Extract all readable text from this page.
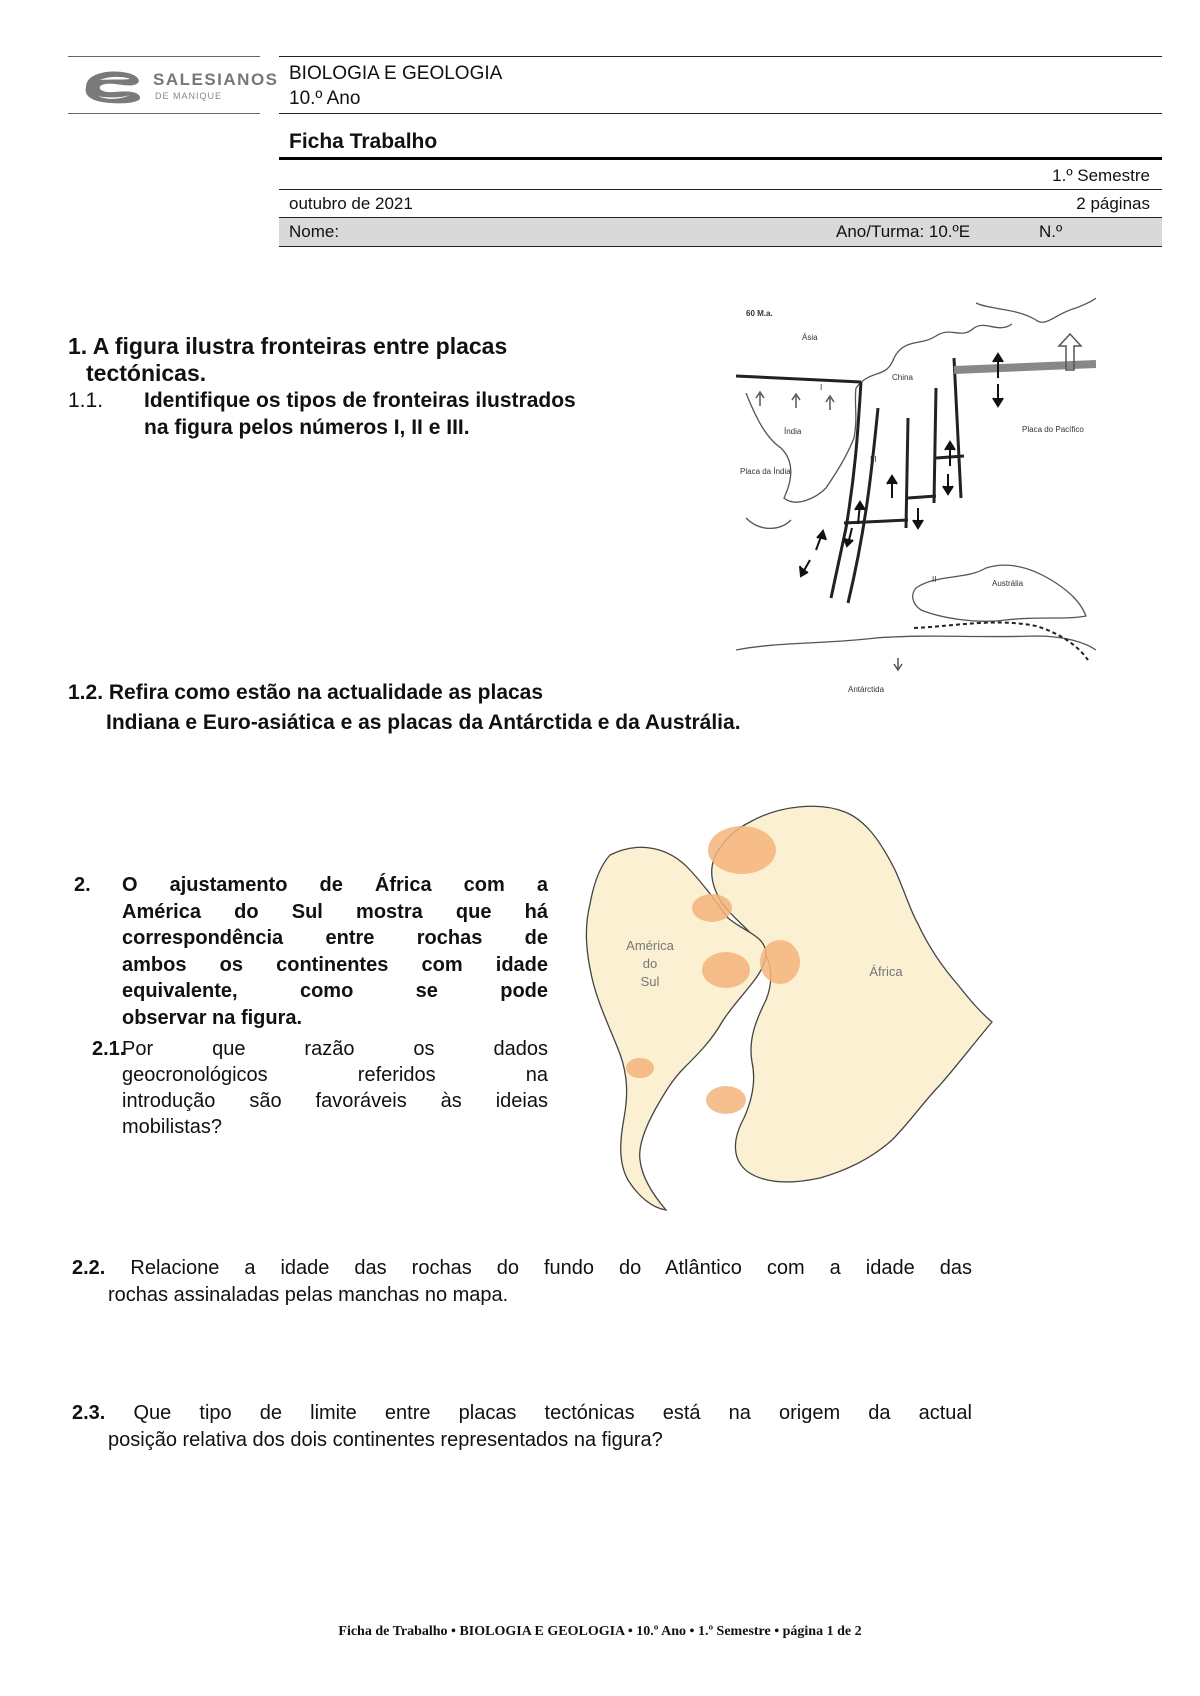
SALESIANOS
DE MANIQUE
BIOLOGIA E GEOLOGIA
10.º Ano
Ficha Trabalho
1.º Semestre
outubro de 2021	2 páginas
Nome:	Ano/Turma: 10.ºE	N.º
1. A figura ilustra fronteiras entre placas
tectónicas.
1.1. Identifique os tipos de fronteiras ilustrados
na figura pelos números I, II e III.
1.2. Refira como estão na actualidade as placas
Indiana e Euro-asiática e as placas da Antárctida e da Austrália.
60 M.a.
Ásia
China
Índia
Placa da Índia
Placa do Pacífico
Austrália
Antárctida
I
II
III
2. O ajustamento de África com a
América do Sul mostra que há
correspondência entre rochas de
ambos os continentes com idade
equivalente, como se pode
observar na figura.
2.1.
Por que razão os dados
geocronológicos referidos na
introdução são favoráveis às ideias
mobilistas?
América
do
Sul
África
2.2. Relacione a idade das rochas do fundo do Atlântico com a idade das
rochas assinaladas pelas manchas no mapa.
2.3. Que tipo de limite entre placas tectónicas está na origem da actual
posição relativa dos dois continentes representados na figura?
Ficha de Trabalho • BIOLOGIA E GEOLOGIA • 10.º Ano • 1.º Semestre • página 1 de 2
